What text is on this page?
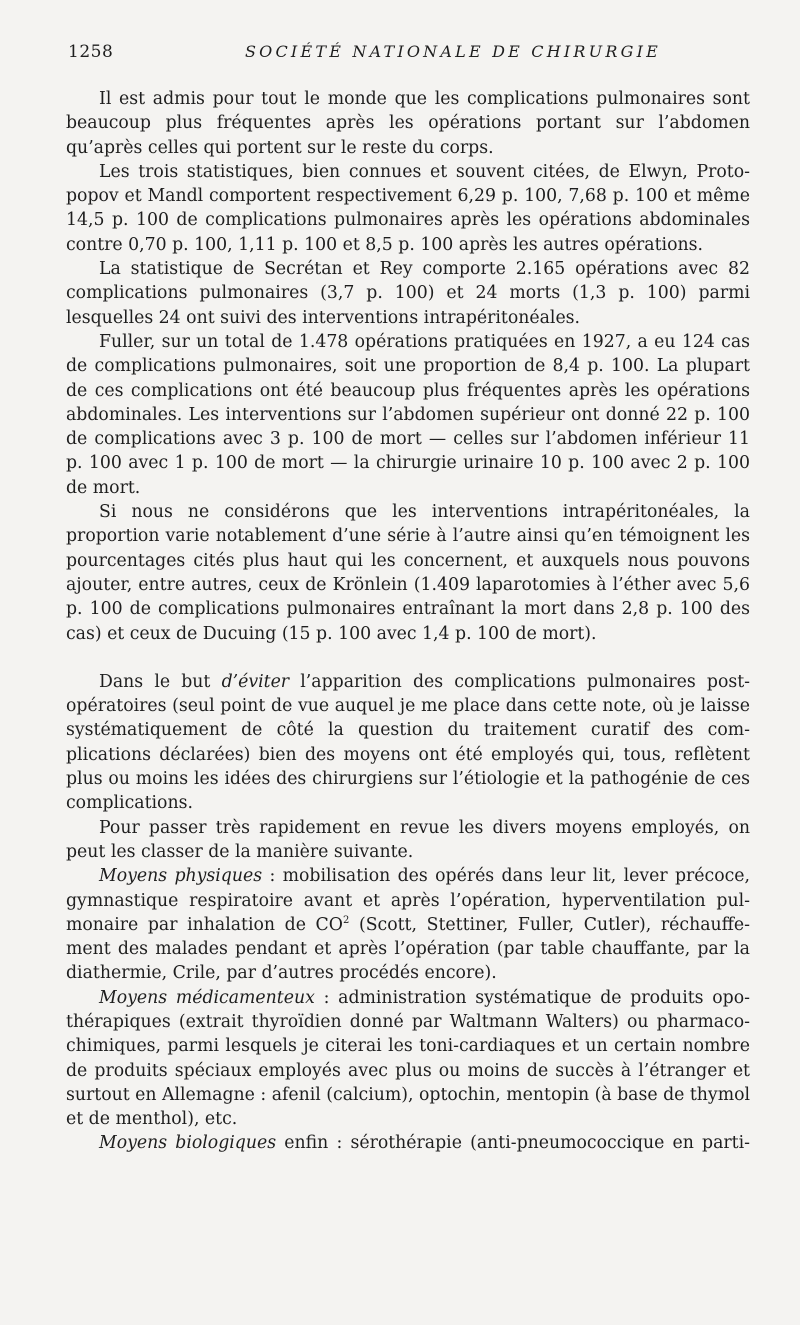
1258	SOCIÉTÉ NATIONALE DE CHIRURGIE

Il est admis pour tout le monde que les complications pulmonaires sont beaucoup plus fréquentes après les opérations portant sur l’abdomen qu’après celles qui portent sur le reste du corps.

Les trois statistiques, bien connues et souvent citées, de Elwyn, Protopopov et Mandl comportent respectivement 6,29 p. 100, 7,68 p. 100 et même 14,5 p. 100 de complications pulmonaires après les opérations abdominales contre 0,70 p. 100, 1,11 p. 100 et 8,5 p. 100 après les autres opérations.

La statistique de Secrétan et Rey comporte 2.165 opérations avec 82 complications pulmonaires (3,7 p. 100) et 24 morts (1,3 p. 100) parmi lesquelles 24 ont suivi des interventions intrapéritonéales.

Fuller, sur un total de 1.478 opérations pratiquées en 1927, a eu 124 cas de complications pulmonaires, soit une proportion de 8,4 p. 100. La plupart de ces complications ont été beaucoup plus fréquentes après les opérations abdominales. Les interventions sur l’abdomen supérieur ont donné 22 p. 100 de complications avec 3 p. 100 de mort — celles sur l’abdomen inférieur 11 p. 100 avec 1 p. 100 de mort — la chirurgie urinaire 10 p. 100 avec 2 p. 100 de mort.

Si nous ne considérons que les interventions intrapéritonéales, la proportion varie notablement d’une série à l’autre ainsi qu’en témoignent les pourcentages cités plus haut qui les concernent, et auxquels nous pouvons ajouter, entre autres, ceux de Krönlein (1.409 laparotomies à l’éther avec 5,6 p. 100 de complications pulmonaires entraînant la mort dans 2,8 p. 100 des cas) et ceux de Ducuing (15 p. 100 avec 1,4 p. 100 de mort).

Dans le but d’éviter l’apparition des complications pulmonaires postopératoires (seul point de vue auquel je me place dans cette note, où je laisse systématiquement de côté la question du traitement curatif des complications déclarées) bien des moyens ont été employés qui, tous, reflètent plus ou moins les idées des chirurgiens sur l’étiologie et la pathogénie de ces complications.

Pour passer très rapidement en revue les divers moyens employés, on peut les classer de la manière suivante.

Moyens physiques : mobilisation des opérés dans leur lit, lever précoce, gymnastique respiratoire avant et après l’opération, hyperventilation pulmonaire par inhalation de $CO^2$ (Scott, Stettiner, Fuller, Cutler), réchauffement des malades pendant et après l’opération (par table chauffante, par la diathermie, Crile, par d’autres procédés encore).

Moyens médicamenteux : administration systématique de produits opothérapiques (extrait thyroïdien donné par Waltmann Walters) ou pharmaco-chimiques, parmi lesquels je citerai les toni-cardiaques et un certain nombre de produits spéciaux employés avec plus ou moins de succès à l’étranger et surtout en Allemagne : afenil (calcium), optochin, mentopin (à base de thymol et de menthol), etc.

Moyens biologiques enfin : sérothérapie (anti-pneumococcique en parti-
